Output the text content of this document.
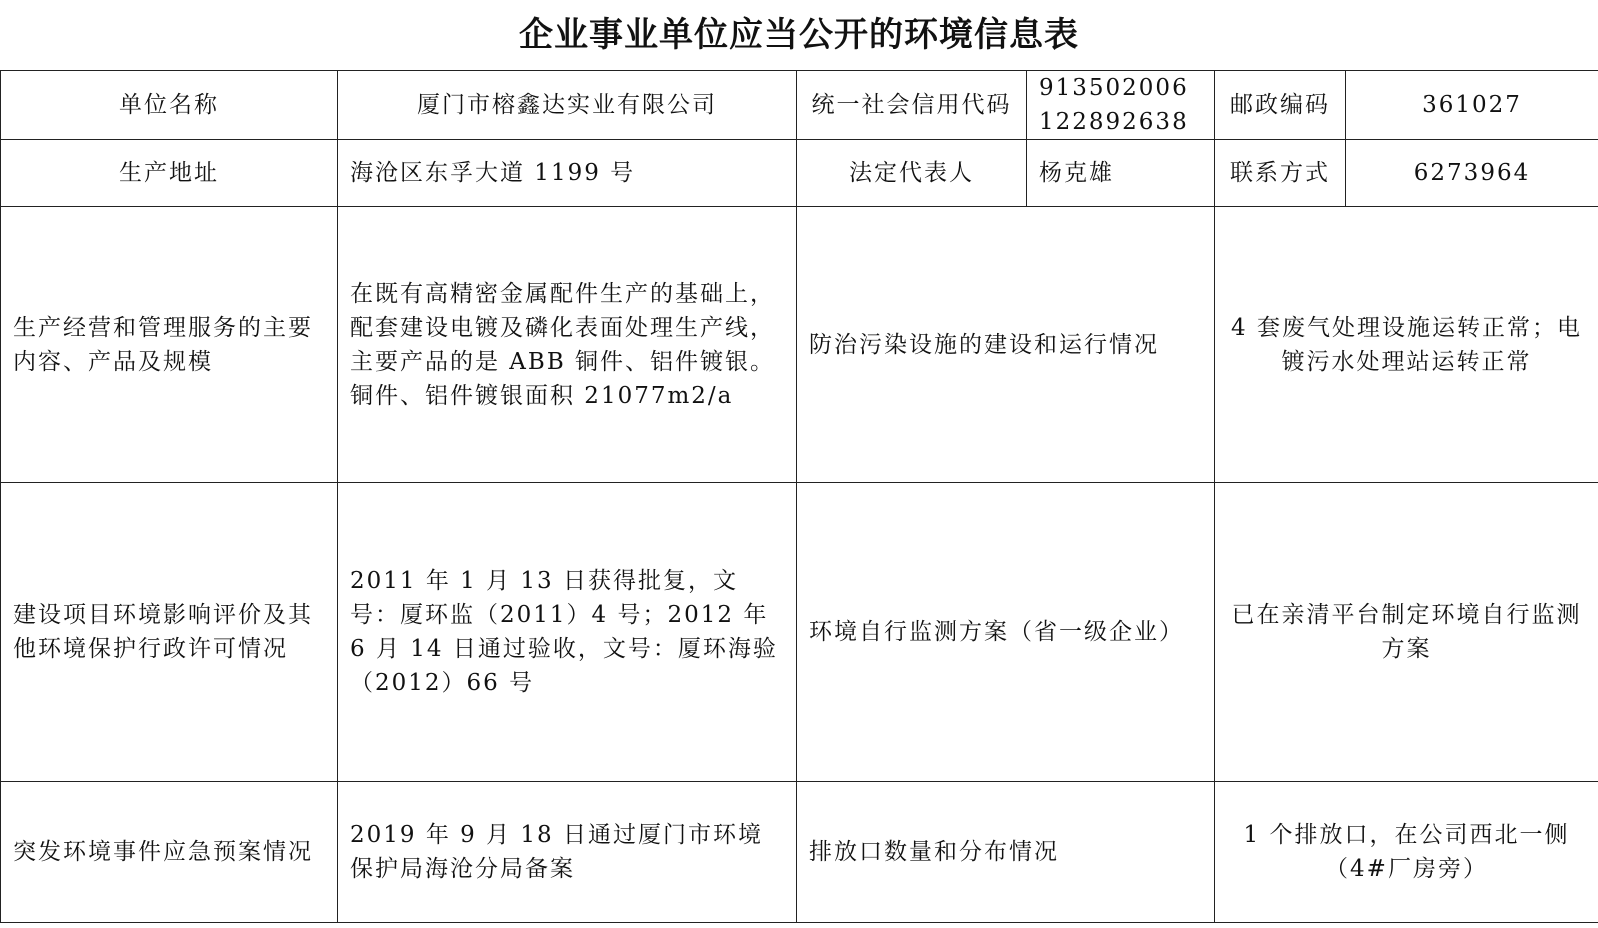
企业事业单位应当公开的环境信息表
单位名称	厦门市榕鑫达实业有限公司	统一社会信用代码	913502006122892638	邮政编码	361027
生产地址	海沧区东孚大道 1199 号	法定代表人	杨克雄	联系方式	6273964
生产经营和管理服务的主要内容、产品及规模	在既有高精密金属配件生产的基础上，配套建设电镀及磷化表面处理生产线，主要产品的是 ABB 铜件、铝件镀银。铜件、铝件镀银面积 21077m2/a	防治污染设施的建设和运行情况		4 套废气处理设施运转正常；电镀污水处理站运转正常	
建设项目环境影响评价及其他环境保护行政许可情况	2011 年 1 月 13 日获得批复，文号：厦环监（2011）4 号；2012 年 6 月 14 日通过验收，文号：厦环海验（2012）66 号	环境自行监测方案（省一级企业）		已在亲清平台制定环境自行监测方案	
突发环境事件应急预案情况	2019 年 9 月 18 日通过厦门市环境保护局海沧分局备案	排放口数量和分布情况		1 个排放口，在公司西北一侧（4#厂房旁）	
